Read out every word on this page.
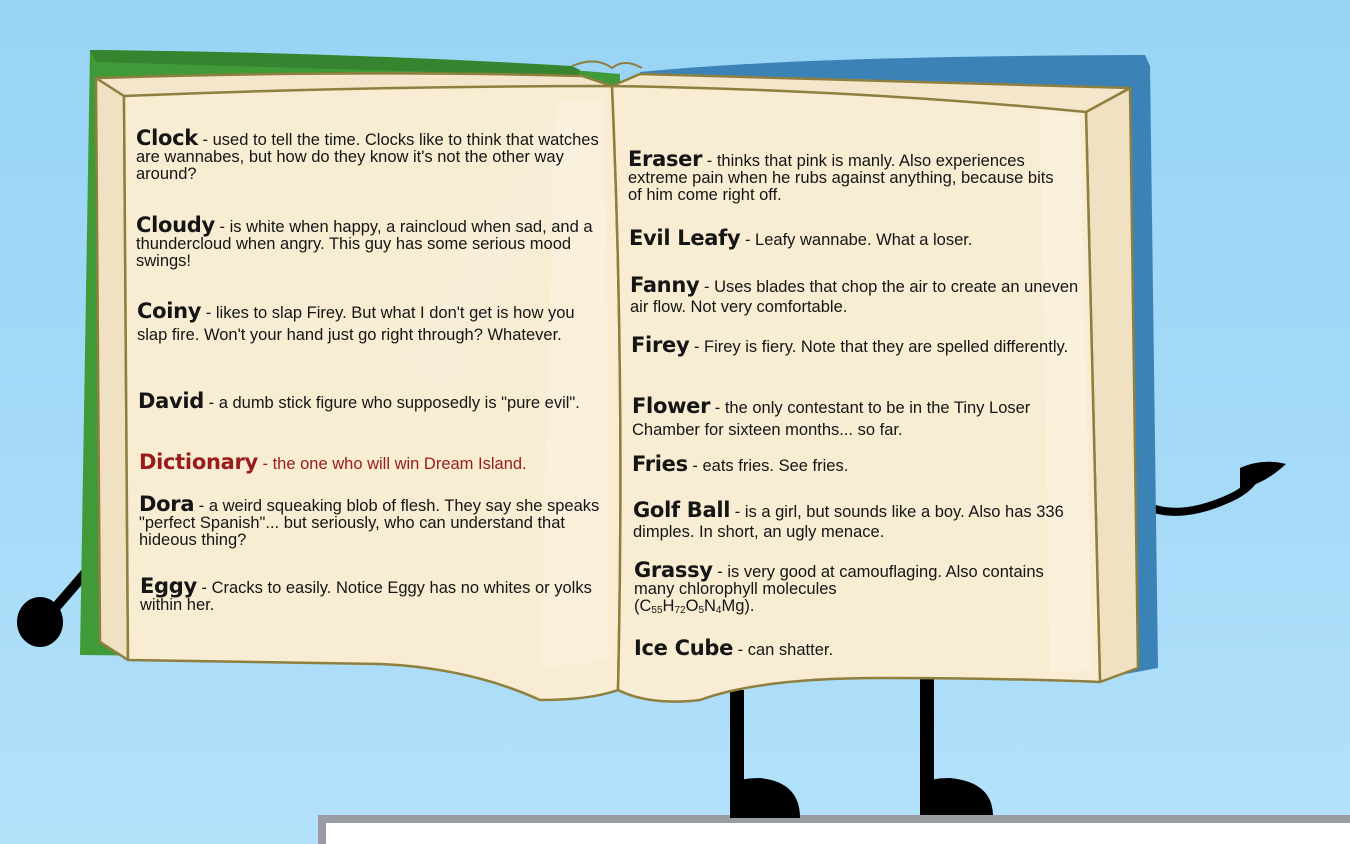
Clock - used to tell the time. Clocks like to think that watches are wannabes, but how do they know it's not the other way around?
Cloudy - is white when happy, a raincloud when sad, and a thundercloud when angry. This guy has some serious mood swings!
Coiny - likes to slap Firey. But what I don't get is how you slap fire. Won't your hand just go right through? Whatever.
David - a dumb stick figure who supposedly is "pure evil".
Dictionary - the one who will win Dream Island.
Dora - a weird squeaking blob of flesh. They say she speaks "perfect Spanish"... but seriously, who can understand that hideous thing?
Eggy - Cracks to easily. Notice Eggy has no whites or yolks within her.
Eraser - thinks that pink is manly. Also experiences extreme pain when he rubs against anything, because bits of him come right off.
Evil Leafy - Leafy wannabe. What a loser.
Fanny - Uses blades that chop the air to create an uneven air flow. Not very comfortable.
Firey - Firey is fiery. Note that they are spelled differently.
Flower - the only contestant to be in the Tiny Loser Chamber for sixteen months... so far.
Fries - eats fries. See fries.
Golf Ball - is a girl, but sounds like a boy. Also has 336 dimples. In short, an ugly menace.
Grassy - is very good at camouflaging. Also contains many chlorophyll molecules
$(C_{55}H_{72}O_5N_4Mg)$.
Ice Cube - can shatter.
